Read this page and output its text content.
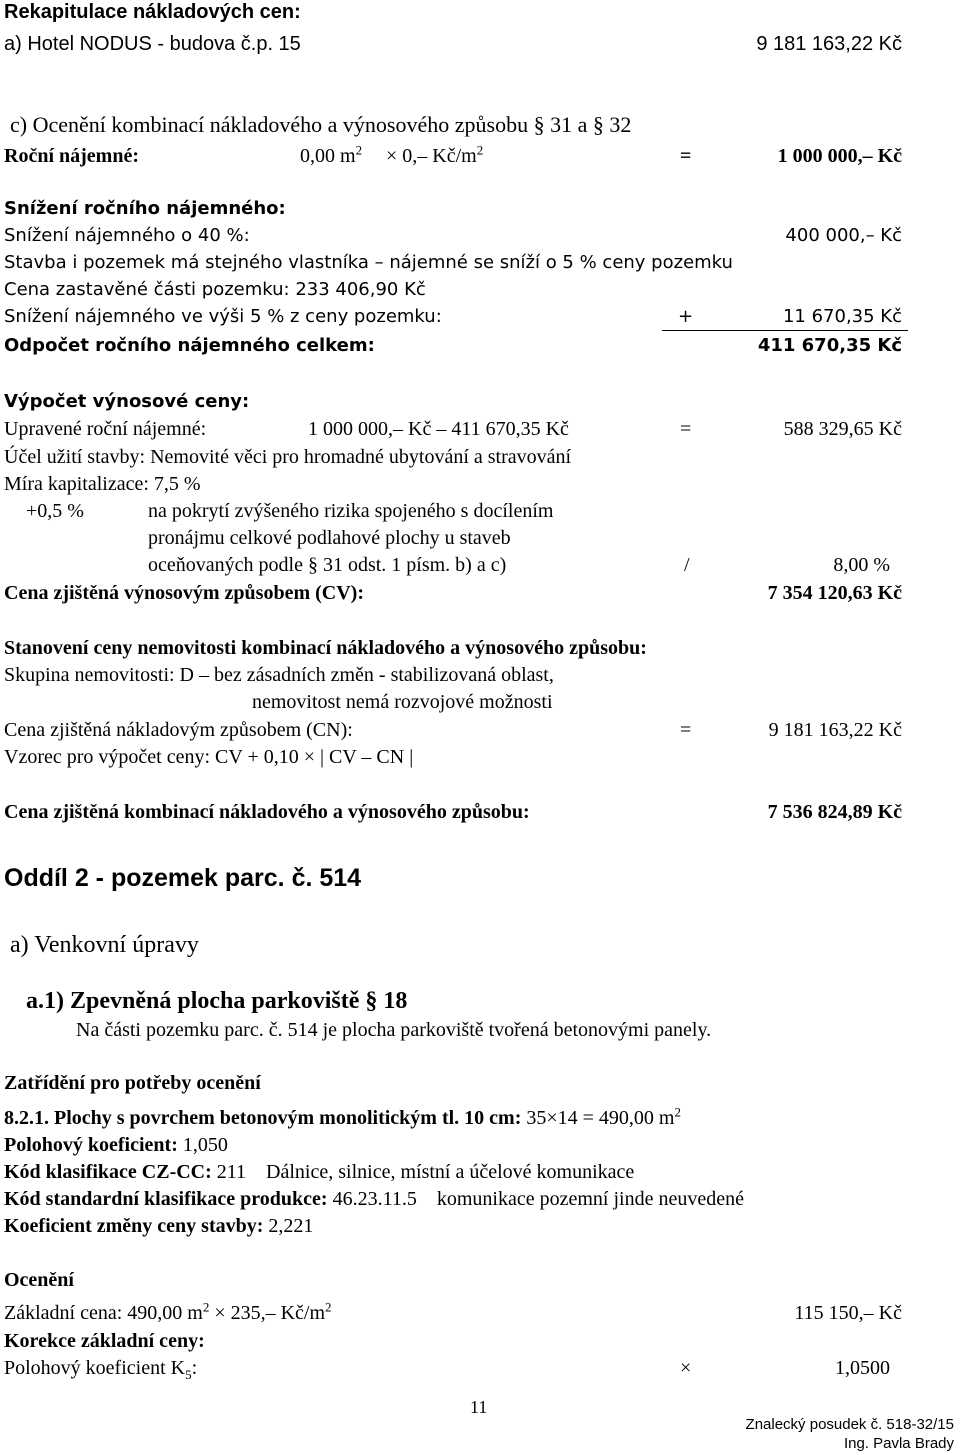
Rekapitulace nákladových cen:
a) Hotel NODUS - budova č.p. 15	9 181 163,22 Kč
c) Ocenění kombinací nákladového a výnosového způsobu § 31 a § 32
Roční nájemné:	0,00 $m^2 \times 0,-$ $Kč/m^2$	=	1 000 000,– Kč
Snížení ročního nájemného:
Snížení nájemného o 40 %:	400 000,– Kč
Stavba i pozemek má stejného vlastníka – nájemné se sníží o 5 % ceny pozemku
Cena zastavěné části pozemku: 233 406,90 Kč
Snížení nájemného ve výši 5 % z ceny pozemku:	+	11 670,35 Kč
Odpočet ročního nájemného celkem:	411 670,35 Kč
Výpočet výnosové ceny:
Upravené roční nájemné:	1 000 000,– Kč – 411 670,35 Kč	=	588 329,65 Kč
Účel užití stavby: Nemovité věci pro hromadné ubytování a stravování
Míra kapitalizace: 7,5 %
+0,5 %	na pokrytí zvýšeného rizika spojeného s docílením
pronájmu celkové podlahové plochy u staveb
oceňovaných podle § 31 odst. 1 písm. b) a c)	/	8,00 %
Cena zjištěná výnosovým způsobem (CV):	7 354 120,63 Kč
Stanovení ceny nemovitosti kombinací nákladového a výnosového způsobu:
Skupina nemovitosti: D – bez zásadních změn - stabilizovaná oblast,
nemovitost nemá rozvojové možnosti
Cena zjištěná nákladovým způsobem (CN):	=	9 181 163,22 Kč
Vzorec pro výpočet ceny: CV + 0,10 × | CV – CN |
Cena zjištěná kombinací nákladového a výnosového způsobu:	7 536 824,89 Kč
Oddíl 2 - pozemek parc. č. 514
a) Venkovní úpravy
a.1) Zpevněná plocha parkoviště § 18
Na části pozemku parc. č. 514 je plocha parkoviště tvořená betonovými panely.
Zatřídění pro potřeby ocenění
8.2.1. Plochy s povrchem betonovým monolitickým tl. 10 cm: 35×14 = 490,00 $m^2$
Polohový koeficient: 1,050
Kód klasifikace CZ-CC: 211    Dálnice, silnice, místní a účelové komunikace
Kód standardní klasifikace produkce: 46.23.11.5    komunikace pozemní jinde neuvedené
Koeficient změny ceny stavby: 2,221
Ocenění
Základní cena: 490,00 $m^2 \times 235,-$ $Kč/m^2$	115 150,– Kč
Korekce základní ceny:
Polohový koeficient $K_5$:	×	1,0500
11
Znalecký posudek č. 518-32/15
Ing. Pavla Brady
